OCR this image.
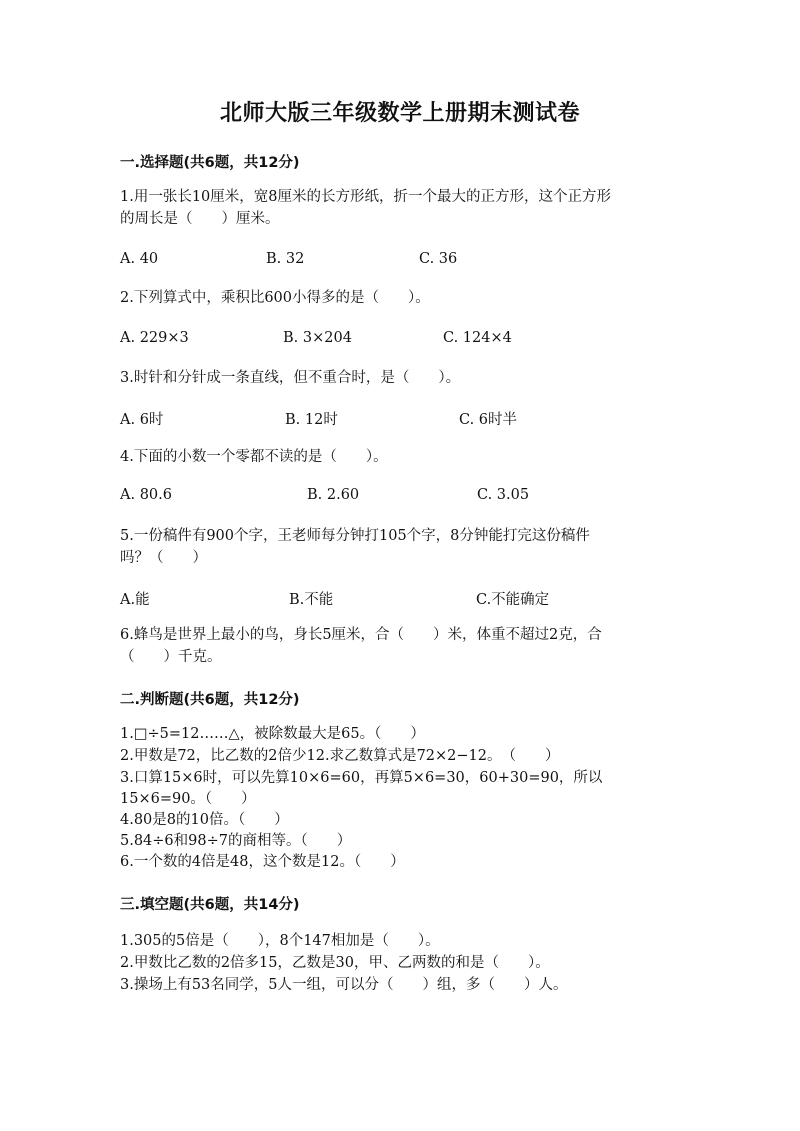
北师大版三年级数学上册期末测试卷
一.选择题(共6题，共12分)
1.用一张长10厘米，宽8厘米的长方形纸，折一个最大的正方形，这个正方形
的周长是（　　）厘米。
A. 40	B. 32	C. 36
2.下列算式中，乘积比600小得多的是（　　）。
A. 229×3	B. 3×204	C. 124×4
3.时针和分针成一条直线，但不重合时，是（　　）。
A. 6时	B. 12时	C. 6时半
4.下面的小数一个零都不读的是（　　）。
A. 80.6	B. 2.60	C. 3.05
5.一份稿件有900个字，王老师每分钟打105个字，8分钟能打完这份稿件
吗？（　　）
A.能	B.不能	C.不能确定
6.蜂鸟是世界上最小的鸟，身长5厘米，合（　　）米，体重不超过2克，合
（　　）千克。
二.判断题(共6题，共12分)
1.□÷5=12……△，被除数最大是65。（　　）
2.甲数是72，比乙数的2倍少12.求乙数算式是72×2−12。　（　　）
3.口算15×6时，可以先算10×6=60，再算5×6=30，60+30=90，所以
15×6=90。（　　）
4.80是8的10倍。（　　）
5.84÷6和98÷7的商相等。（　　）
6.一个数的4倍是48，这个数是12。（　　）
三.填空题(共6题，共14分)
1.305的5倍是（　　），8个147相加是（　　）。
2.甲数比乙数的2倍多15，乙数是30，甲、乙两数的和是（　　）。
3.操场上有53名同学，5人一组，可以分（　　）组，多（　　）人。
